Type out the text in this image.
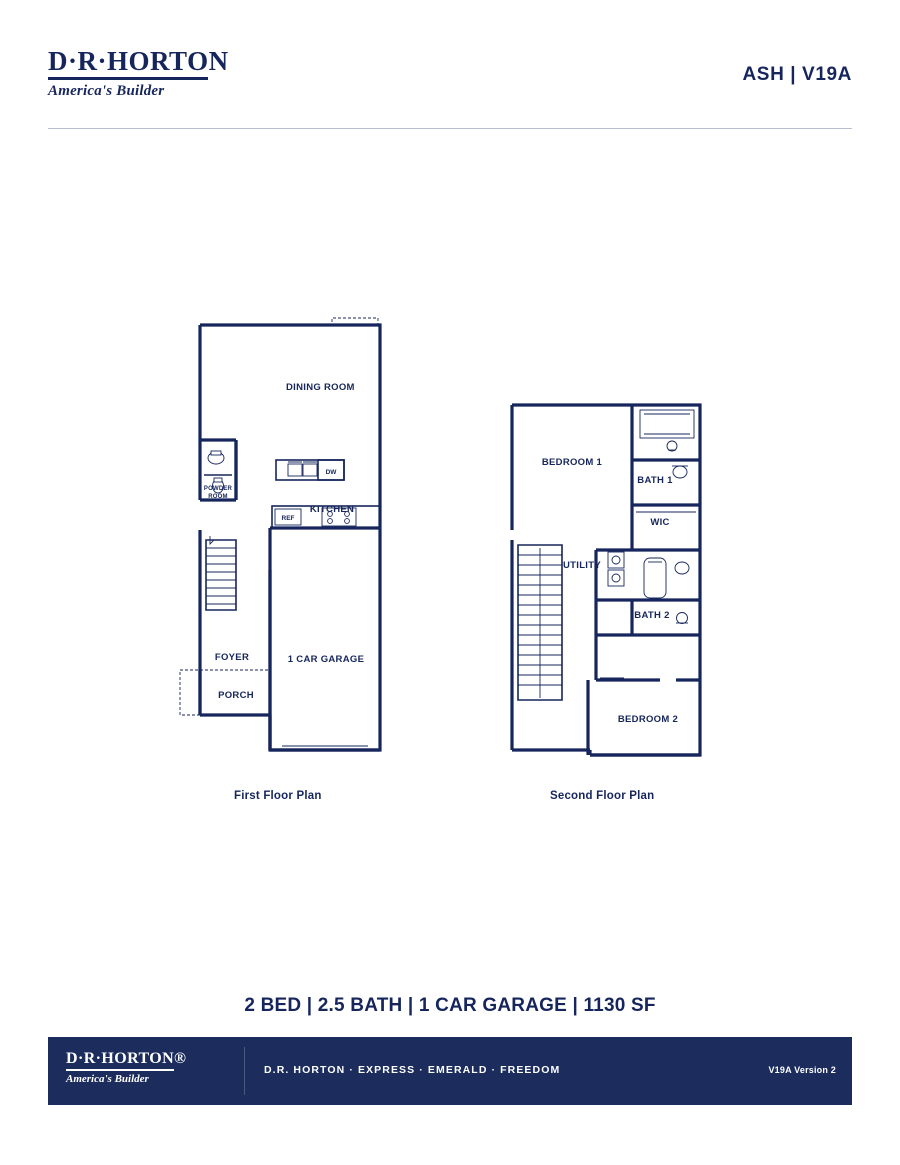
D·R·HORTON
America's Builder
ASH | V19A
DW
REF
DINING ROOM
KITCHEN
POWDER
ROOM
FOYER
PORCH
1 CAR GARAGE
BEDROOM 1
BATH 1
WIC
UTILITY
BATH 2
BEDROOM 2
First Floor Plan	Second Floor Plan
2 BED | 2.5 BATH | 1 CAR GARAGE | 1130 SF
D·R·HORTON®
America's Builder
D.R. HORTON · EXPRESS · EMERALD · FREEDOM	V19A Version 2
